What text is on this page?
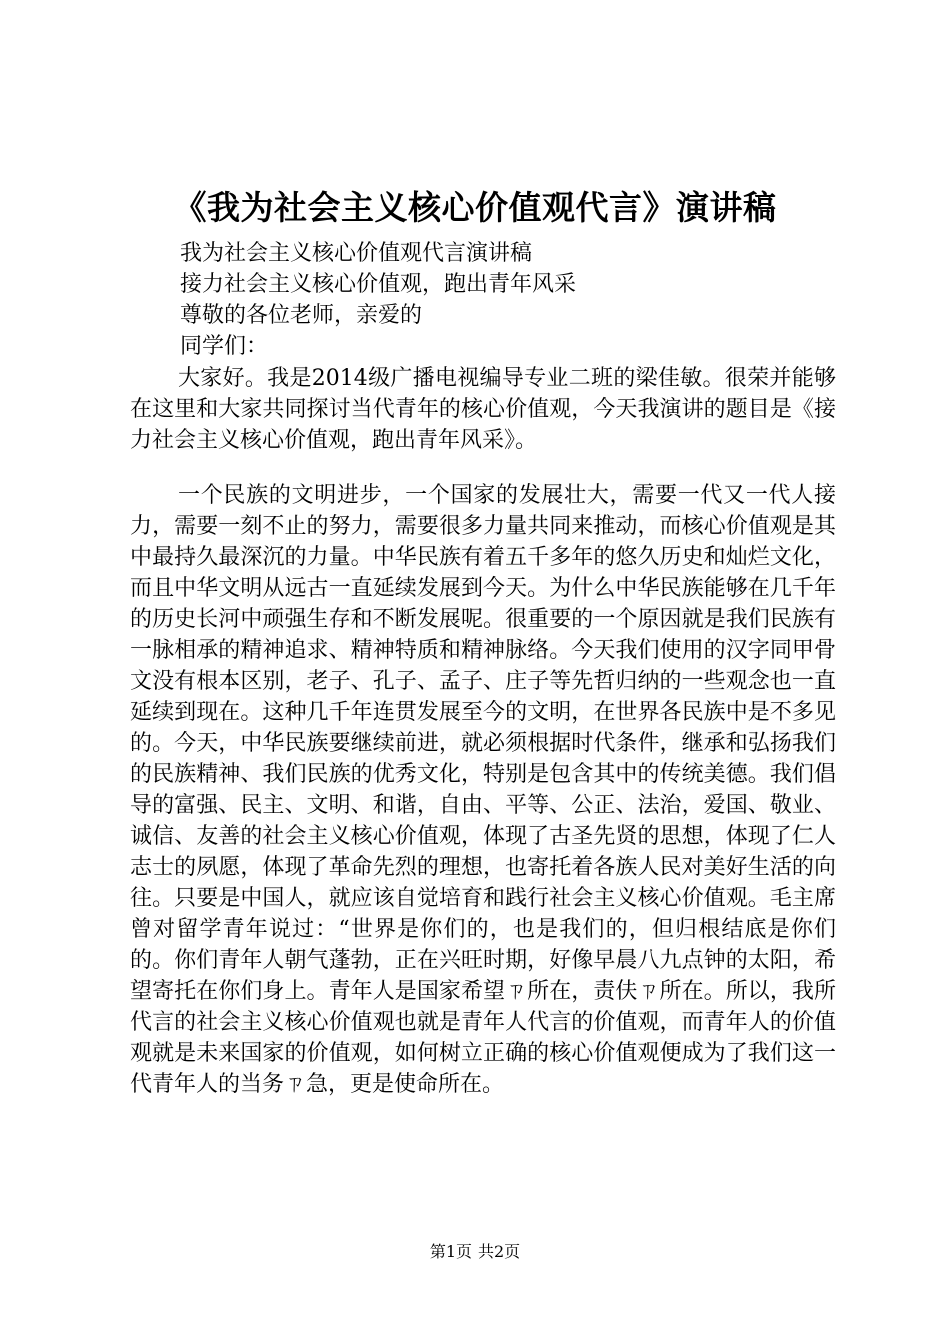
《我为社会主义核心价值观代言》演讲稿
我为社会主义核心价值观代言演讲稿
接力社会主义核心价值观，跑出青年风采
尊敬的各位老师，亲爱的
同学们：

大家好。我是2014级广播电视编导专业二班的梁佳敏。很荣并能够在这里和大家共同探讨当代青年的核心价值观，今天我演讲的题目是《接力社会主义核心价值观，跑出青年风采》。

一个民族的文明进步，一个国家的发展壮大，需要一代又一代人接力，需要一刻不止的努力，需要很多力量共同来推动，而核心价值观是其中最持久最深沉的力量。中华民族有着五千多年的悠久历史和灿烂文化，而且中华文明从远古一直延续发展到今天。为什么中华民族能够在几千年的历史长河中顽强生存和不断发展呢。很重要的一个原因就是我们民族有一脉相承的精神追求、精神特质和精神脉络。今天我们使用的汉字同甲骨文没有根本区别，老子、孔子、孟子、庄子等先哲归纳的一些观念也一直延续到现在。这种几千年连贯发展至今的文明，在世界各民族中是不多见的。今天，中华民族要继续前进，就必须根据时代条件，继承和弘扬我们的民族精神、我们民族的优秀文化，特别是包含其中的传统美德。我们倡导的富强、民主、文明、和谐，自由、平等、公正、法治，爱国、敬业、诚信、友善的社会主义核心价值观，体现了古圣先贤的思想，体现了仁人志士的夙愿，体现了革命先烈的理想，也寄托着各族人民对美好生活的向往。只要是中国人，就应该自觉培育和践行社会主义核心价值观。毛主席曾对留学青年说过：“世界是你们的，也是我们的，但归根结底是你们的。你们青年人朝气蓬勃，正在兴旺时期，好像早晨八九点钟的太阳，希望寄托在你们身上。青年人是国家希望ㄗ所在，责伕ㄗ所在。所以，我所代言的社会主义核心价值观也就是青年人代言的价值观，而青年人的价值观就是未来国家的价值观，如何树立正确的核心价值观便成为了我们这一代青年人的当务ㄗ急，更是使命所在。

第1页 共2页
